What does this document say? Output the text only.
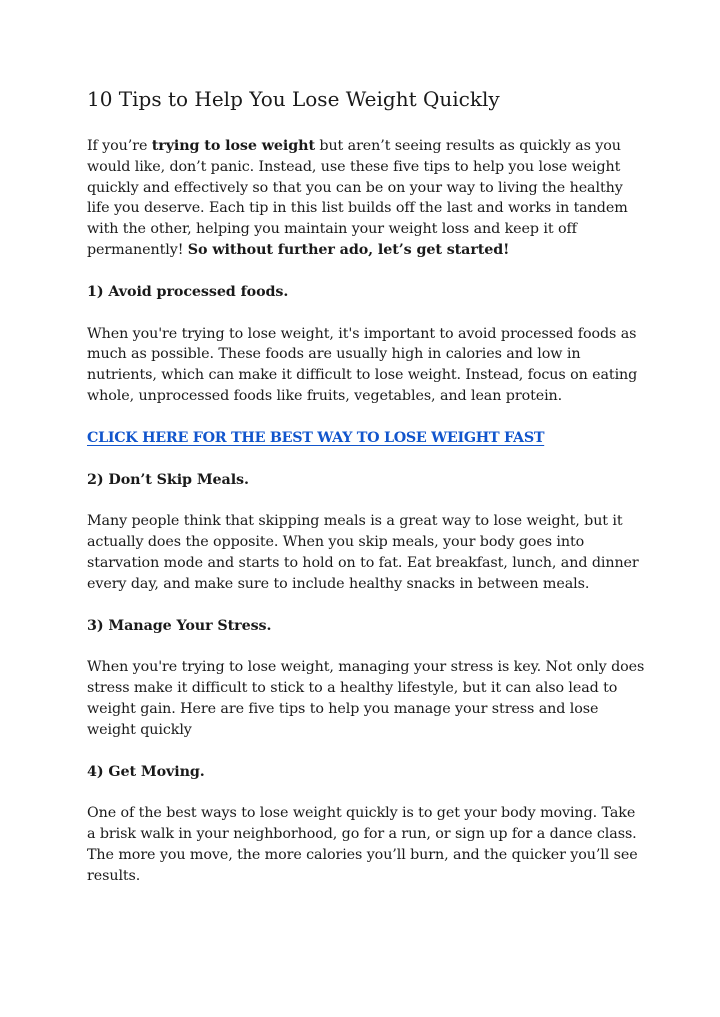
10 Tips to Help You Lose Weight Quickly

If you’re trying to lose weight but aren’t seeing results as quickly as you would like, don’t panic. Instead, use these five tips to help you lose weight quickly and effectively so that you can be on your way to living the healthy life you deserve. Each tip in this list builds off the last and works in tandem with the other, helping you maintain your weight loss and keep it off permanently! So without further ado, let’s get started!

1) Avoid processed foods.

When you're trying to lose weight, it's important to avoid processed foods as much as possible. These foods are usually high in calories and low in nutrients, which can make it difficult to lose weight. Instead, focus on eating whole, unprocessed foods like fruits, vegetables, and lean protein.

CLICK HERE FOR THE BEST WAY TO LOSE WEIGHT FAST

2) Don’t Skip Meals.

Many people think that skipping meals is a great way to lose weight, but it actually does the opposite. When you skip meals, your body goes into starvation mode and starts to hold on to fat. Eat breakfast, lunch, and dinner every day, and make sure to include healthy snacks in between meals.

3) Manage Your Stress.

When you're trying to lose weight, managing your stress is key. Not only does stress make it difficult to stick to a healthy lifestyle, but it can also lead to weight gain. Here are five tips to help you manage your stress and lose weight quickly

4) Get Moving.

One of the best ways to lose weight quickly is to get your body moving. Take a brisk walk in your neighborhood, go for a run, or sign up for a dance class. The more you move, the more calories you’ll burn, and the quicker you’ll see results.
